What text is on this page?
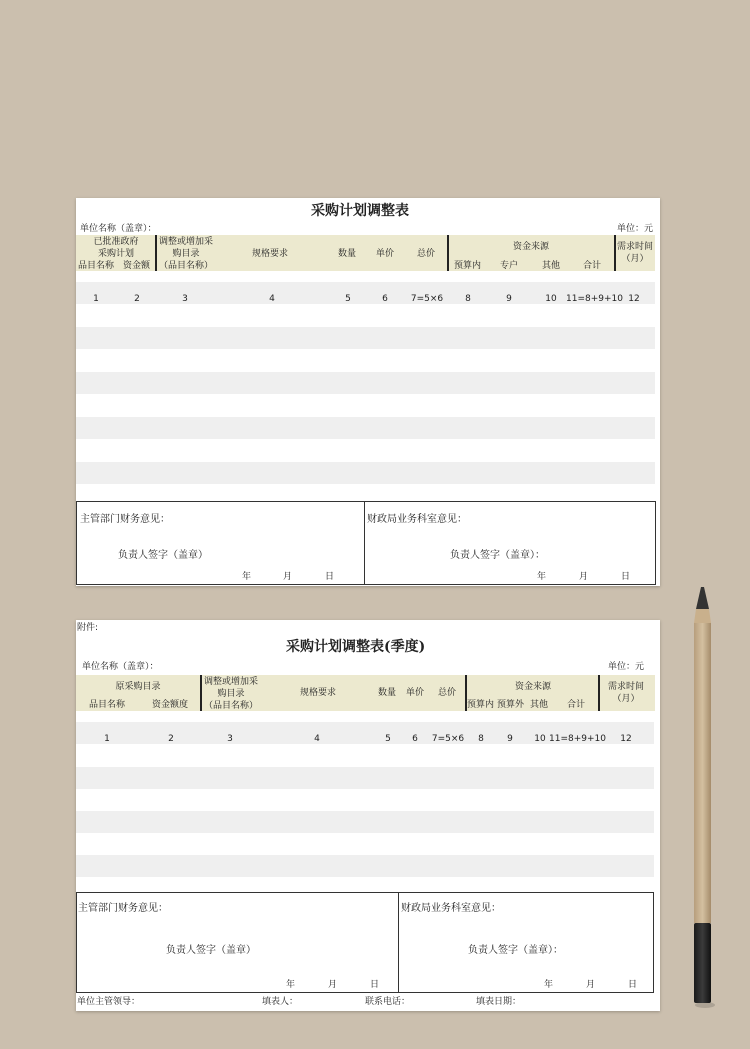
采购计划调整表
单位名称（盖章）：	单位：元
已批准政府
采购计划
品目名称 资金额
调整或增加采
购目录
（品目名称）
规格要求	数量 单价	总价
资金来源
预算内 专户	其他	合计
需求时间
（月）
1	2	3	4	5	6	7=5×6	8	9	10	11=8+9+10 12
主管部门财务意见：	财政局业务科室意见：
负责人签字（盖章）	负责人签字（盖章）：
年	月	日	年	月	日
附件:
采购计划调整表(季度)
单位名称（盖章）：	单位：元
原采购目录
品目名称	资金额度
调整或增加采
购目录
（品目名称）
规格要求	数量 单价 总价
资金来源
预算内 预算外 其他 合计
需求时间
（月）
1	2	3	4	5	6	7=5×6	8	9	10 11=8+9+10	12
主管部门财务意见：	财政局业务科室意见：
负责人签字（盖章）	负责人签字（盖章）：
年	月	日	年	月	日
单位主管领导：	填表人：	联系电话：	填表日期：
